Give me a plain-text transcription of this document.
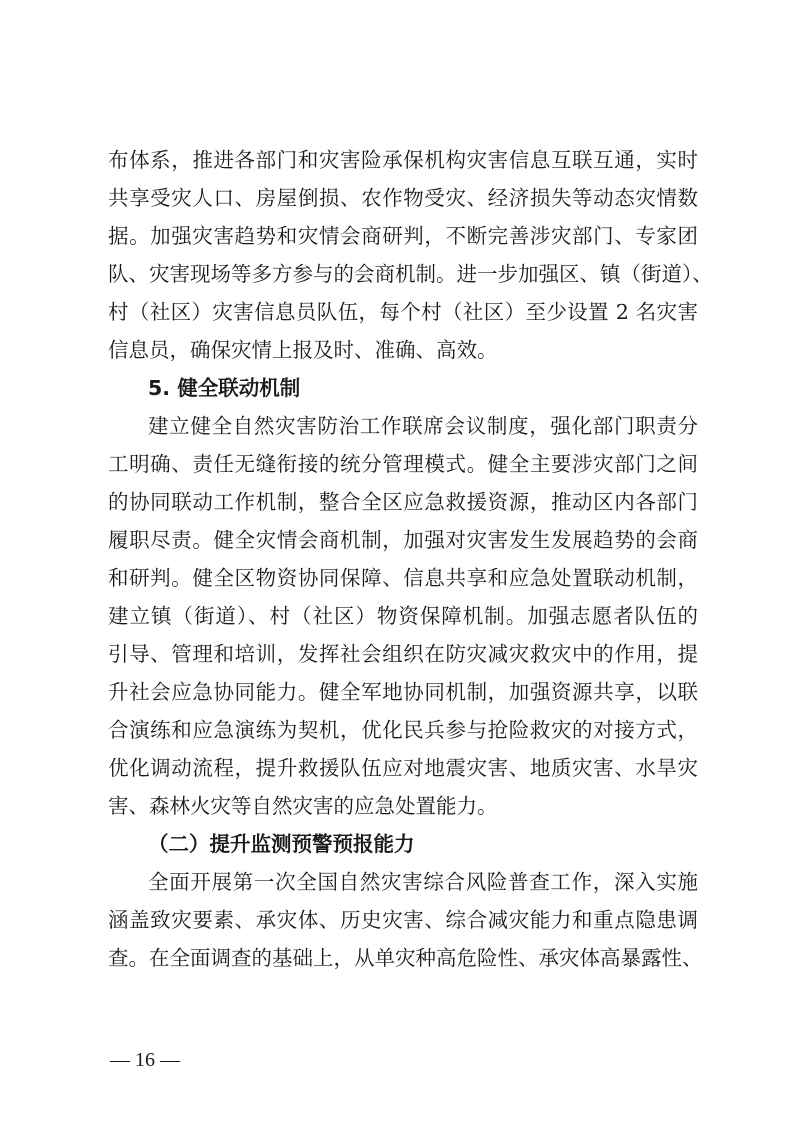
布体系，推进各部门和灾害险承保机构灾害信息互联互通，实时
共享受灾人口、房屋倒损、农作物受灾、经济损失等动态灾情数
据。加强灾害趋势和灾情会商研判，不断完善涉灾部门、专家团
队、灾害现场等多方参与的会商机制。进一步加强区、镇（街道）、
村（社区）灾害信息员队伍，每个村（社区）至少设置 2 名灾害
信息员，确保灾情上报及时、准确、高效。
5. 健全联动机制
建立健全自然灾害防治工作联席会议制度，强化部门职责分
工明确、责任无缝衔接的统分管理模式。健全主要涉灾部门之间
的协同联动工作机制，整合全区应急救援资源，推动区内各部门
履职尽责。健全灾情会商机制，加强对灾害发生发展趋势的会商
和研判。健全区物资协同保障、信息共享和应急处置联动机制，
建立镇（街道）、村（社区）物资保障机制。加强志愿者队伍的
引导、管理和培训，发挥社会组织在防灾减灾救灾中的作用，提
升社会应急协同能力。健全军地协同机制，加强资源共享，以联
合演练和应急演练为契机，优化民兵参与抢险救灾的对接方式，
优化调动流程，提升救援队伍应对地震灾害、地质灾害、水旱灾
害、森林火灾等自然灾害的应急处置能力。
（二）提升监测预警预报能力
全面开展第一次全国自然灾害综合风险普查工作，深入实施
涵盖致灾要素、承灾体、历史灾害、综合减灾能力和重点隐患调
查。在全面调查的基础上，从单灾种高危险性、承灾体高暴露性、
— 16 —
